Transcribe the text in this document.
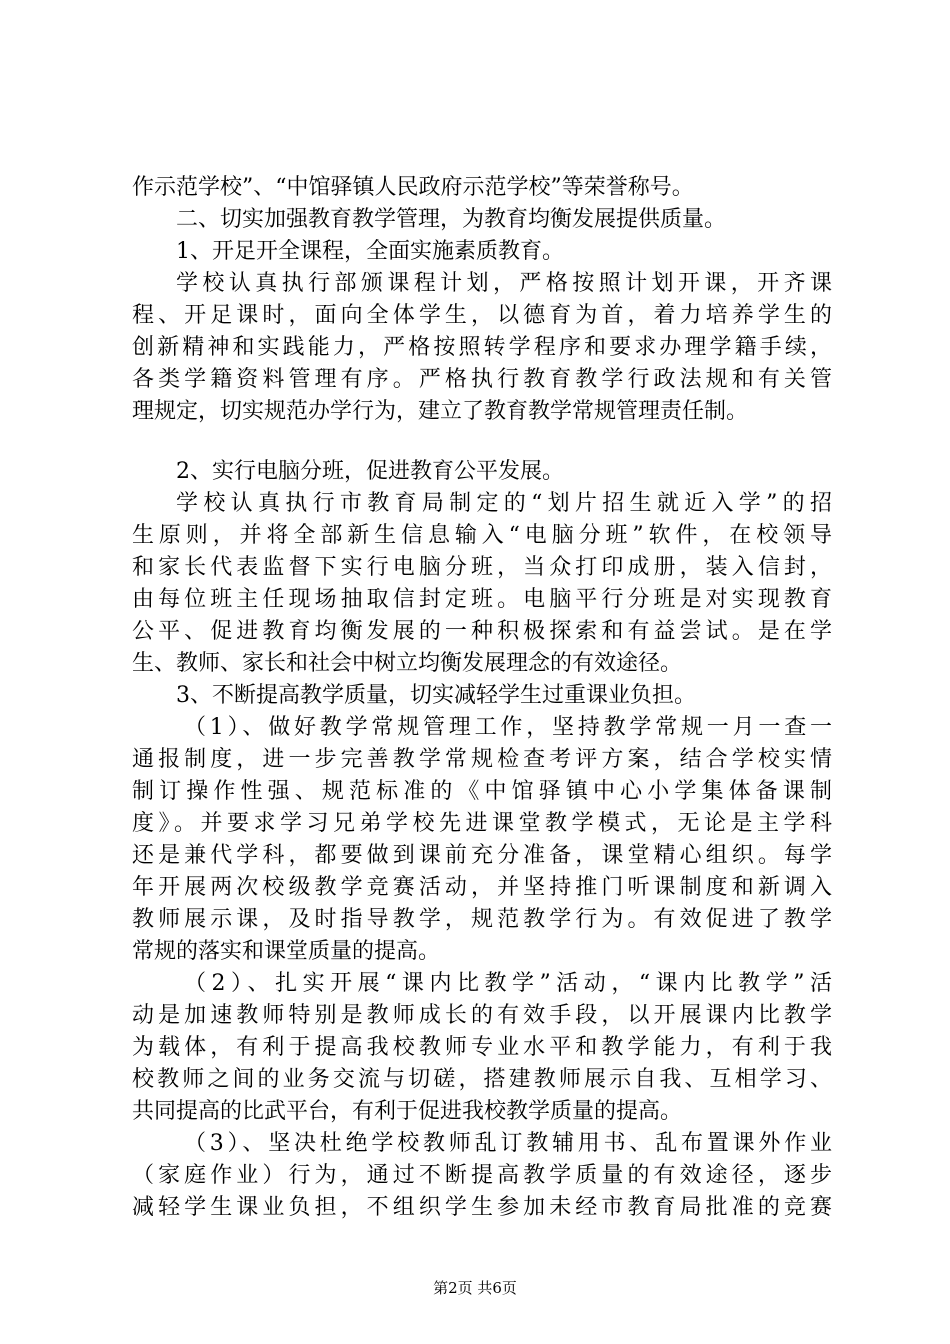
作示范学校”、“中馆驿镇人民政府示范学校”等荣誉称号。
二、切实加强教育教学管理，为教育均衡发展提供质量。
1、开足开全课程，全面实施素质教育。
学校认真执行部颁课程计划，严格按照计划开课，开齐课
程、开足课时，面向全体学生，以德育为首，着力培养学生的
创新精神和实践能力，严格按照转学程序和要求办理学籍手续，
各类学籍资料管理有序。严格执行教育教学行政法规和有关管
理规定，切实规范办学行为，建立了教育教学常规管理责任制。
2、实行电脑分班，促进教育公平发展。
学校认真执行市教育局制定的“划片招生就近入学”的招
生原则，并将全部新生信息输入“电脑分班”软件，在校领导
和家长代表监督下实行电脑分班，当众打印成册，装入信封，
由每位班主任现场抽取信封定班。电脑平行分班是对实现教育
公平、促进教育均衡发展的一种积极探索和有益尝试。是在学
生、教师、家长和社会中树立均衡发展理念的有效途径。
3、不断提高教学质量，切实减轻学生过重课业负担。
（1）、做好教学常规管理工作，坚持教学常规一月一查一
通报制度，进一步完善教学常规检查考评方案，结合学校实情
制订操作性强、规范标准的《中馆驿镇中心小学集体备课制
度》。并要求学习兄弟学校先进课堂教学模式，无论是主学科
还是兼代学科，都要做到课前充分准备，课堂精心组织。每学
年开展两次校级教学竞赛活动，并坚持推门听课制度和新调入
教师展示课，及时指导教学，规范教学行为。有效促进了教学
常规的落实和课堂质量的提高。
（2）、扎实开展“课内比教学”活动，“课内比教学”活
动是加速教师特别是教师成长的有效手段，以开展课内比教学
为载体，有利于提高我校教师专业水平和教学能力，有利于我
校教师之间的业务交流与切磋，搭建教师展示自我、互相学习、
共同提高的比武平台，有利于促进我校教学质量的提高。
（3）、坚决杜绝学校教师乱订教辅用书、乱布置课外作业
（家庭作业）行为，通过不断提高教学质量的有效途径，逐步
减轻学生课业负担，不组织学生参加未经市教育局批准的竞赛
第2页 共6页
